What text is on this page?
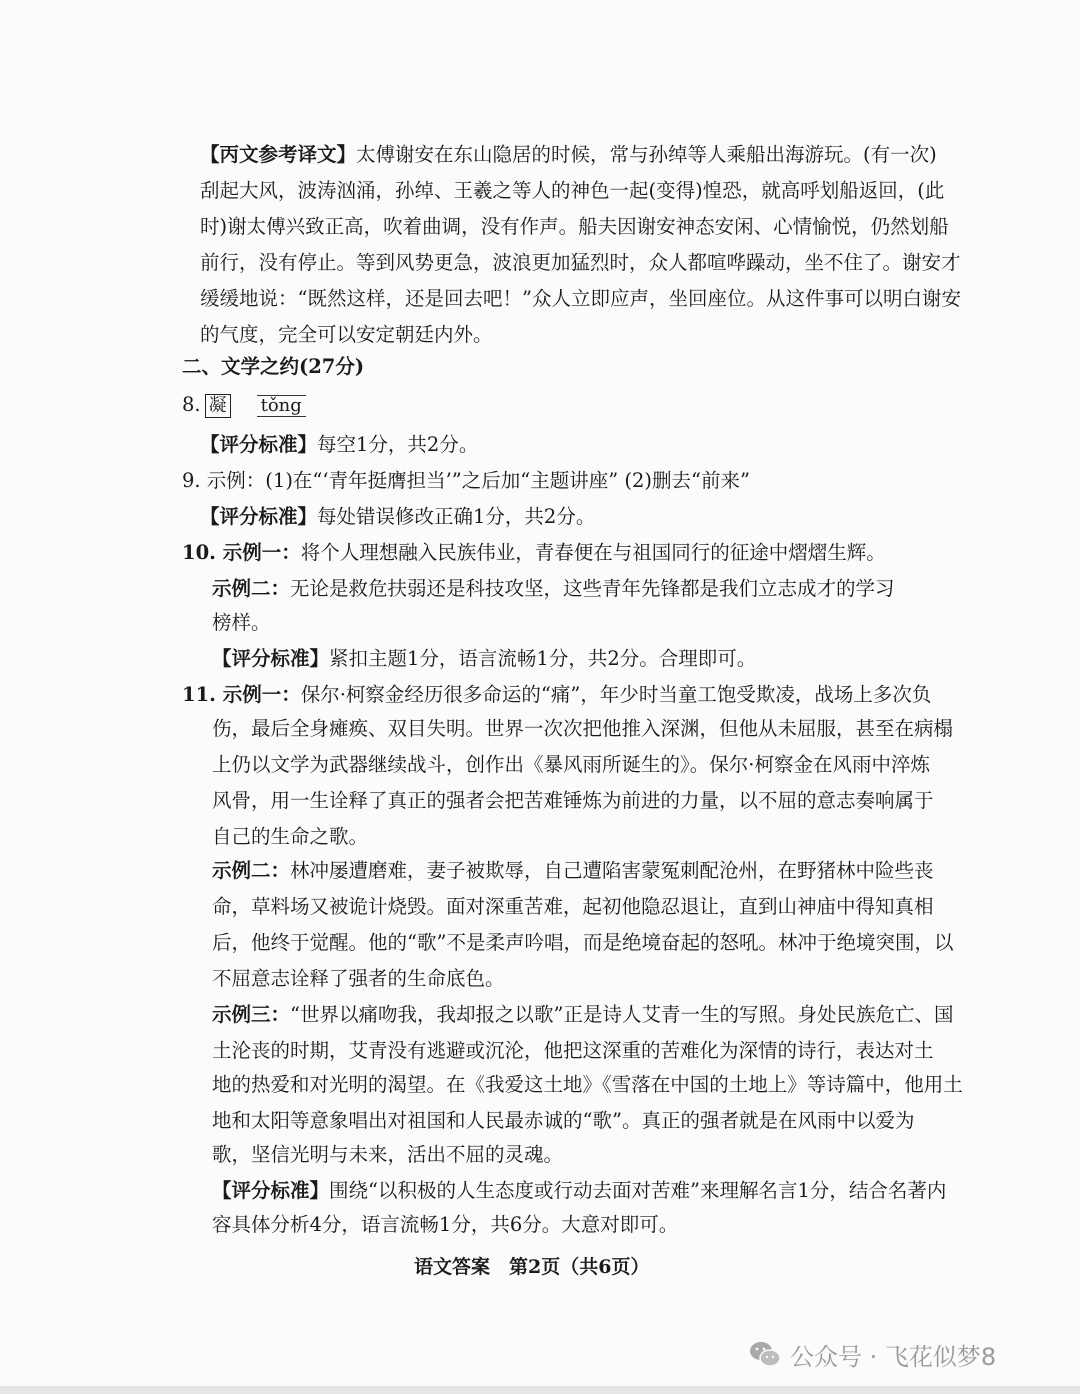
【丙文参考译文】太傅谢安在东山隐居的时候，常与孙绰等人乘船出海游玩。(有一次)
刮起大风，波涛汹涌，孙绰、王羲之等人的神色一起(变得)惶恐，就高呼划船返回，(此
时)谢太傅兴致正高，吹着曲调，没有作声。船夫因谢安神态安闲、心情愉悦，仍然划船
前行，没有停止。等到风势更急，波浪更加猛烈时，众人都喧哗躁动，坐不住了。谢安才
缓缓地说：“既然这样，还是回去吧！”众人立即应声，坐回座位。从这件事可以明白谢安
的气度，完全可以安定朝廷内外。
二、文学之约(27分)
8. 凝 tǒng
【评分标准】每空1分，共2分。
9. 示例：(1)在“‘青年挺膺担当’”之后加“主题讲座” (2)删去“前来”
【评分标准】每处错误修改正确1分，共2分。
10. 示例一：将个人理想融入民族伟业，青春便在与祖国同行的征途中熠熠生辉。
示例二：无论是救危扶弱还是科技攻坚，这些青年先锋都是我们立志成才的学习
榜样。
【评分标准】紧扣主题1分，语言流畅1分，共2分。合理即可。
11. 示例一：保尔·柯察金经历很多命运的“痛”，年少时当童工饱受欺凌，战场上多次负
伤，最后全身瘫痪、双目失明。世界一次次把他推入深渊，但他从未屈服，甚至在病榻
上仍以文学为武器继续战斗，创作出《暴风雨所诞生的》。保尔·柯察金在风雨中淬炼
风骨，用一生诠释了真正的强者会把苦难锤炼为前进的力量，以不屈的意志奏响属于
自己的生命之歌。
示例二：林冲屡遭磨难，妻子被欺辱，自己遭陷害蒙冤刺配沧州，在野猪林中险些丧
命，草料场又被诡计烧毁。面对深重苦难，起初他隐忍退让，直到山神庙中得知真相
后，他终于觉醒。他的“歌”不是柔声吟唱，而是绝境奋起的怒吼。林冲于绝境突围，以
不屈意志诠释了强者的生命底色。
示例三：“世界以痛吻我，我却报之以歌”正是诗人艾青一生的写照。身处民族危亡、国
土沦丧的时期，艾青没有逃避或沉沦，他把这深重的苦难化为深情的诗行，表达对土
地的热爱和对光明的渴望。在《我爱这土地》《雪落在中国的土地上》等诗篇中，他用土
地和太阳等意象唱出对祖国和人民最赤诚的“歌”。真正的强者就是在风雨中以爱为
歌，坚信光明与未来，活出不屈的灵魂。
【评分标准】围绕“以积极的人生态度或行动去面对苦难”来理解名言1分，结合名著内
容具体分析4分，语言流畅1分，共6分。大意对即可。
语文答案　第2页（共6页）
公众号 · 飞花似梦8
